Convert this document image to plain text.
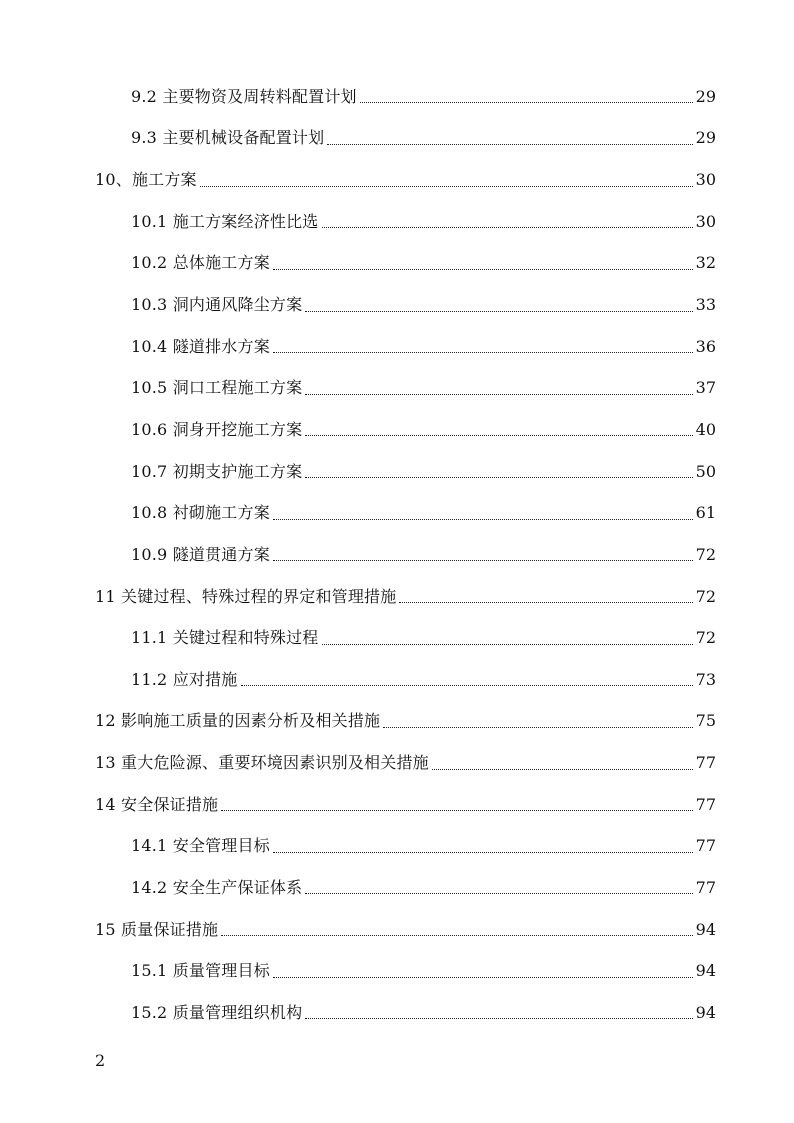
9.2 主要物资及周转料配置计划	29
9.3 主要机械设备配置计划	29
10、施工方案	30
10.1 施工方案经济性比选	30
10.2 总体施工方案	32
10.3 洞内通风降尘方案	33
10.4 隧道排水方案	36
10.5 洞口工程施工方案	37
10.6 洞身开挖施工方案	40
10.7 初期支护施工方案	50
10.8 衬砌施工方案	61
10.9 隧道贯通方案	72
11 关键过程、特殊过程的界定和管理措施	72
11.1 关键过程和特殊过程	72
11.2 应对措施	73
12 影响施工质量的因素分析及相关措施	75
13 重大危险源、重要环境因素识别及相关措施	77
14 安全保证措施	77
14.1 安全管理目标	77
14.2 安全生产保证体系	77
15 质量保证措施	94
15.1 质量管理目标	94
15.2 质量管理组织机构	94
2
